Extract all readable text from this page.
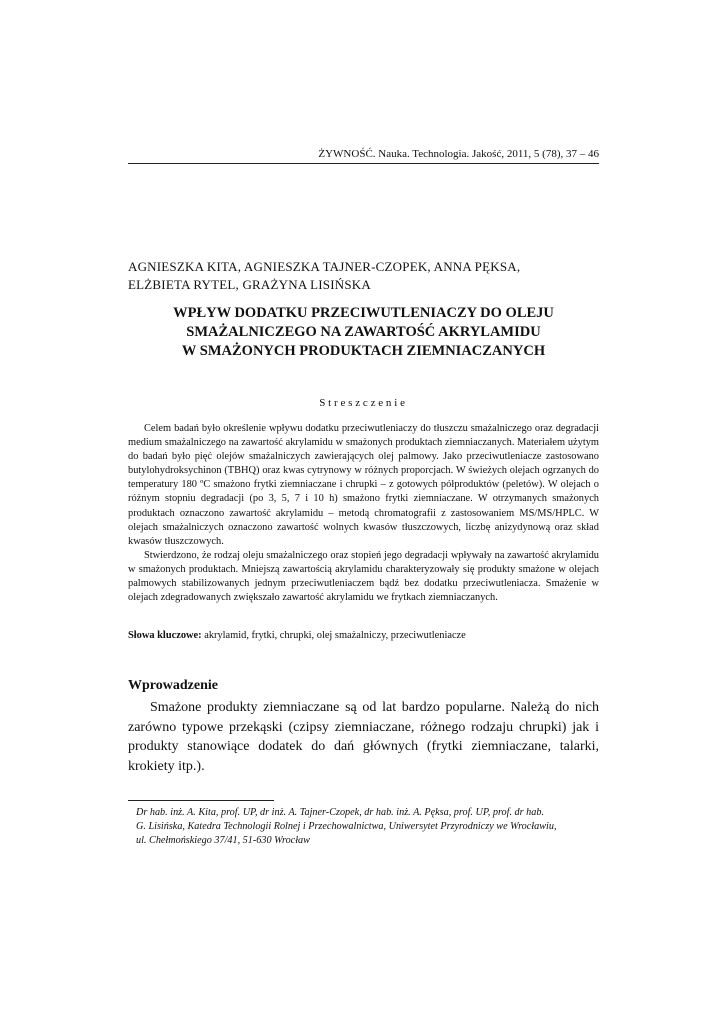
ŻYWNOŚĆ. Nauka. Technologia. Jakość, 2011, 5 (78), 37 – 46
AGNIESZKA KITA, AGNIESZKA TAJNER-CZOPEK, ANNA PĘKSA,
ELŻBIETA RYTEL, GRAŻYNA LISIŃSKA
WPŁYW DODATKU PRZECIWUTLENIACZY DO OLEJU
SMAŻALNICZEGO NA ZAWARTOŚĆ AKRYLAMIDU
W SMAŻONYCH PRODUKTACH ZIEMNIACZANYCH
Streszczenie

Celem badań było określenie wpływu dodatku przeciwutleniaczy do tłuszczu smażalniczego oraz degradacji medium smażalniczego na zawartość akrylamidu w smażonych produktach ziemniaczanych. Materiałem użytym do badań było pięć olejów smażalniczych zawierających olej palmowy. Jako przeciwutleniacze zastosowano butylohydroksychinon (TBHQ) oraz kwas cytrynowy w różnych proporcjach. W świeżych olejach ogrzanych do temperatury 180 ºC smażono frytki ziemniaczane i chrupki – z gotowych półproduktów (peletów). W olejach o różnym stopniu degradacji (po 3, 5, 7 i 10 h) smażono frytki ziemniaczane. W otrzymanych smażonych produktach oznaczono zawartość akrylamidu – metodą chromatografii z zastosowaniem MS/MS/HPLC. W olejach smażalniczych oznaczono zawartość wolnych kwasów tłuszczowych, liczbę anizydynową oraz skład kwasów tłuszczowych.

Stwierdzono, że rodzaj oleju smażalniczego oraz stopień jego degradacji wpływały na zawartość akrylamidu w smażonych produktach. Mniejszą zawartością akrylamidu charakteryzowały się produkty smażone w olejach palmowych stabilizowanych jednym przeciwutleniaczem bądź bez dodatku przeciwutleniacza. Smażenie w olejach zdegradowanych zwiększało zawartość akrylamidu we frytkach ziemniaczanych.

Słowa kluczowe: akrylamid, frytki, chrupki, olej smażalniczy, przeciwutleniacze
Wprowadzenie

Smażone produkty ziemniaczane są od lat bardzo popularne. Należą do nich zarówno typowe przekąski (czipsy ziemniaczane, różnego rodzaju chrupki) jak i produkty stanowiące dodatek do dań głównych (frytki ziemniaczane, talarki, krokiety itp.).

Dr hab. inż. A. Kita, prof. UP, dr inż. A. Tajner-Czopek, dr hab. inż. A. Pęksa, prof. UP, prof. dr hab.
G. Lisińska, Katedra Technologii Rolnej i Przechowalnictwa, Uniwersytet Przyrodniczy we Wrocławiu,
ul. Chełmońskiego 37/41, 51-630 Wrocław
